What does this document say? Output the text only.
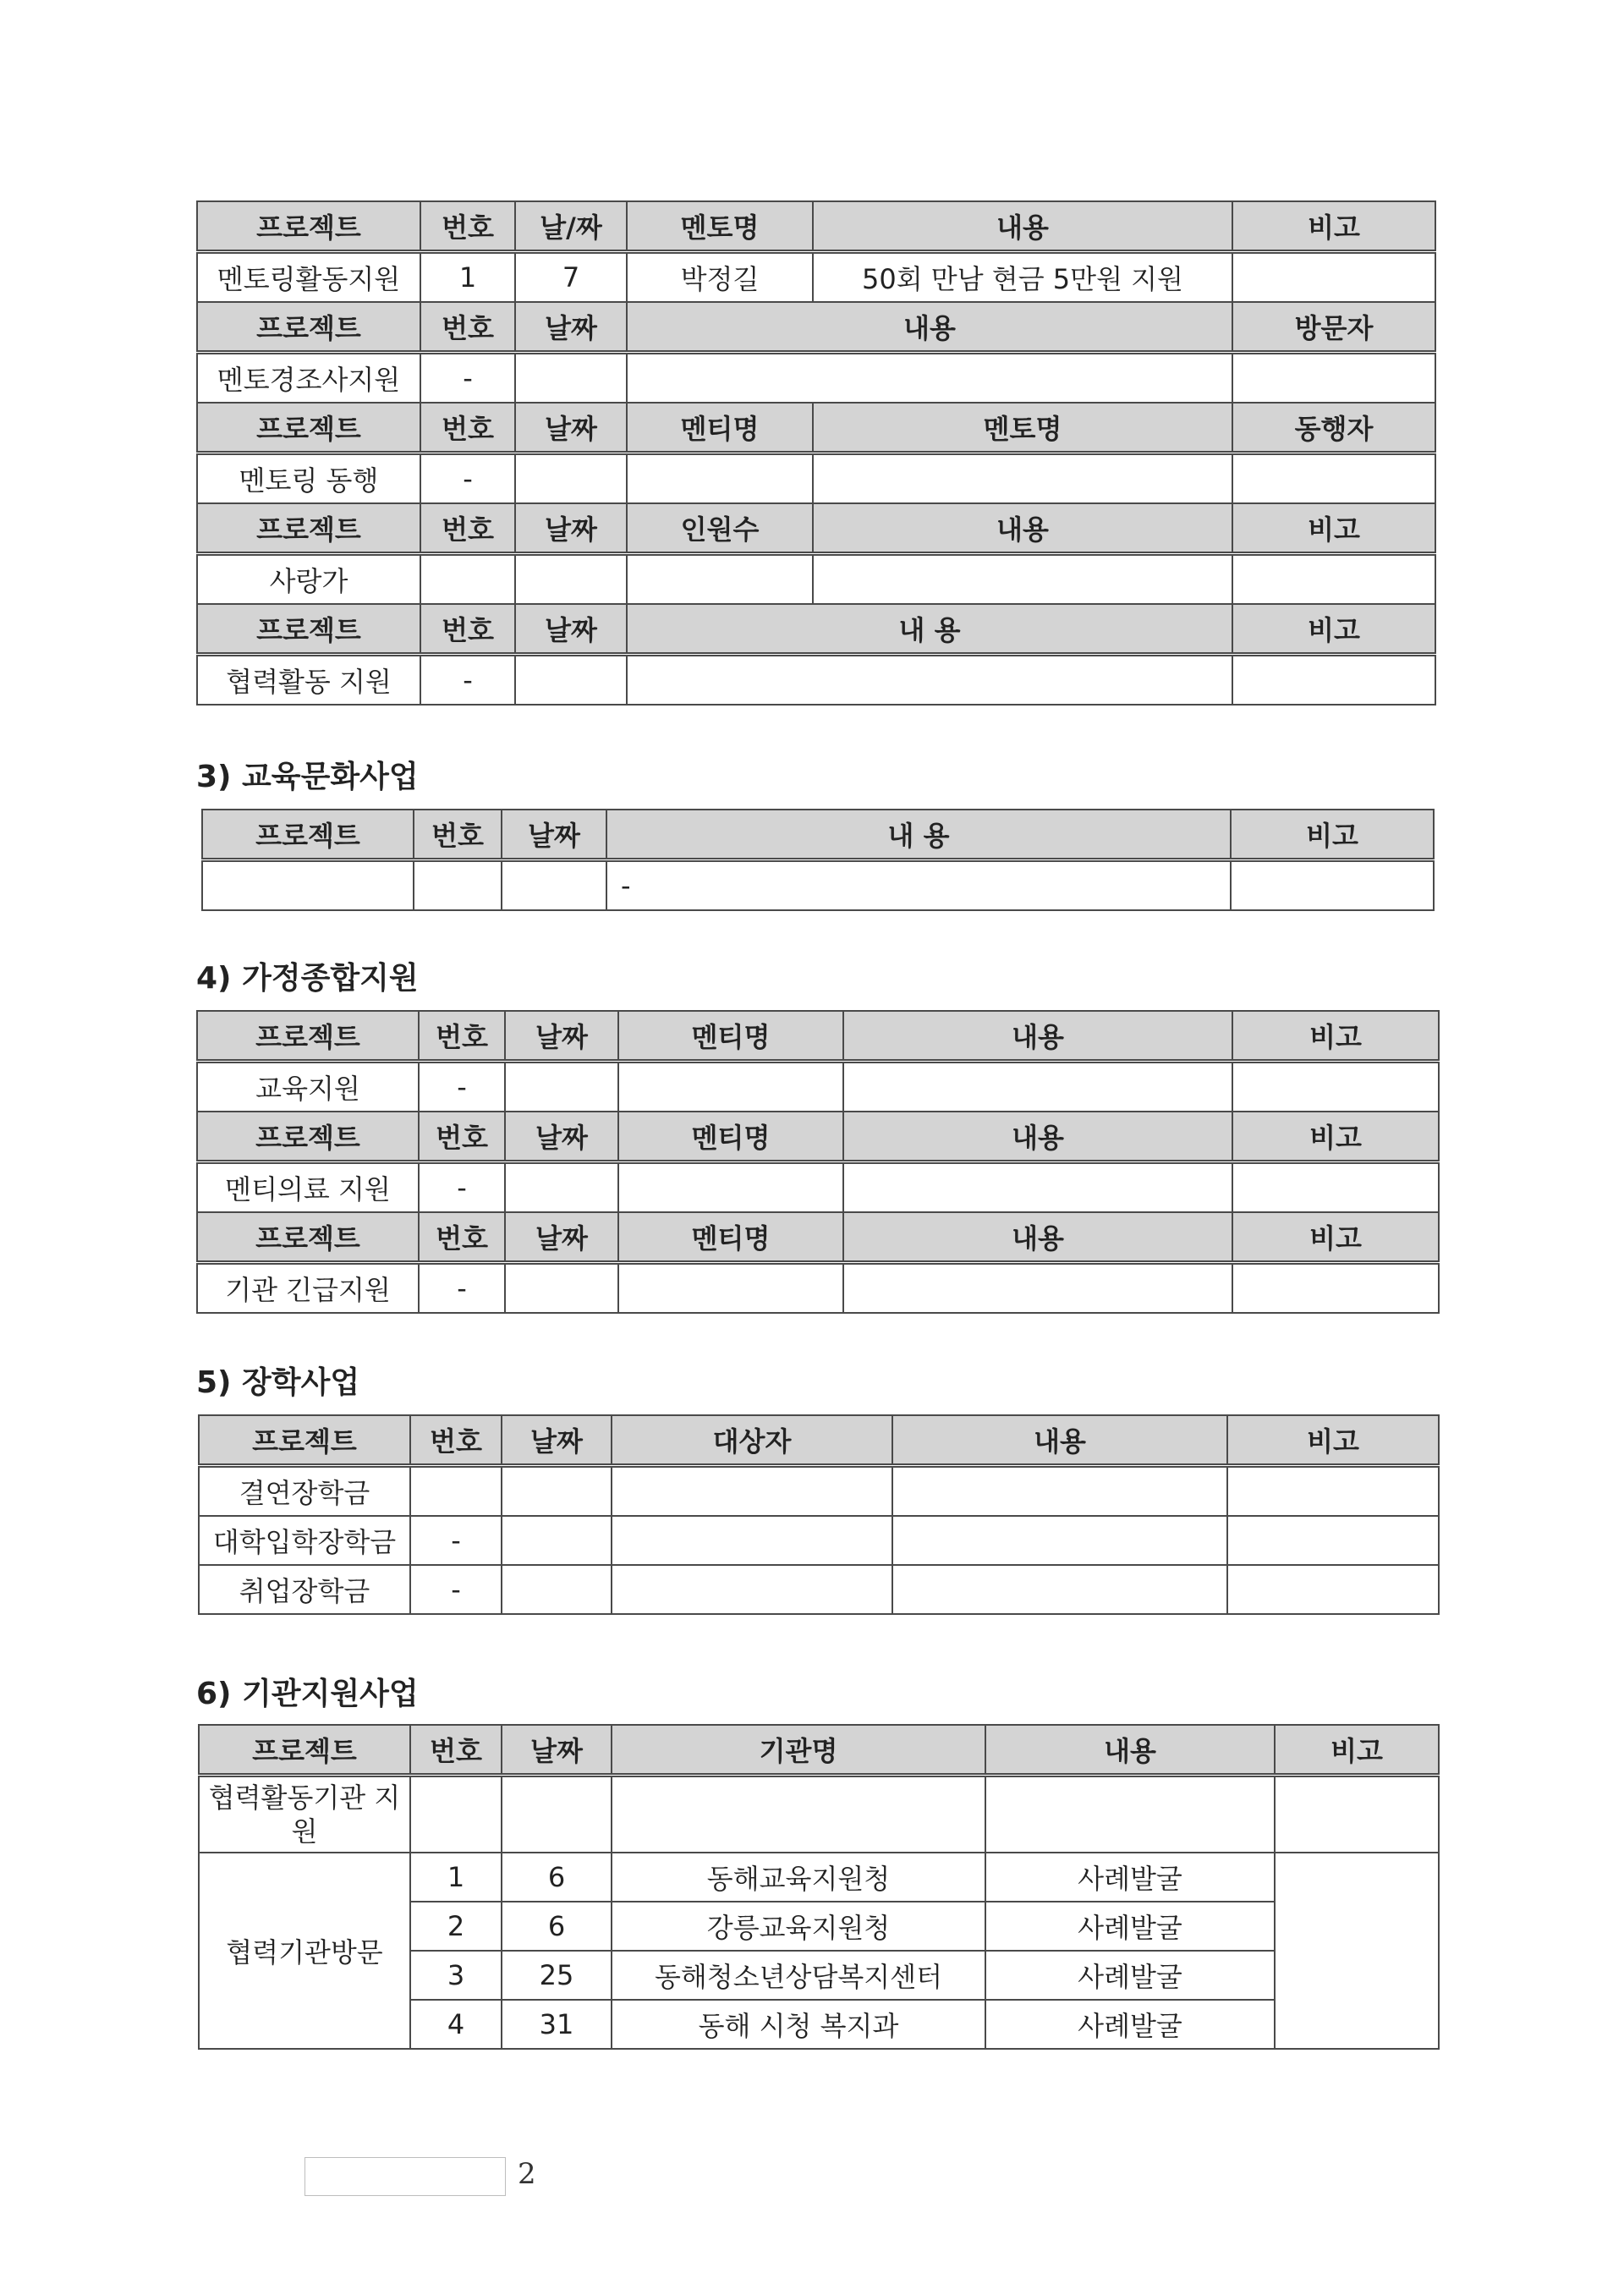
프로젝트	번호	날/짜	멘토명	내용	비고
멘토링활동지원	1	7	박정길	50회 만남 현금 5만원 지원	
프로젝트	번호	날짜	내용		방문자
멘토경조사지원	-				
프로젝트	번호	날짜	멘티명	멘토명	동행자
멘토링 동행	-				
프로젝트	번호	날짜	인원수	내용	비고
사랑가					
프로젝트	번호	날짜	내 용		비고
협력활동 지원	-				
3) 교육문화사업
프로젝트	번호	날짜	내 용	비고
			-	
4) 가정종합지원
프로젝트	번호	날짜	멘티명	내용	비고
교육지원	-				
프로젝트	번호	날짜	멘티명	내용	비고
멘티의료 지원	-				
프로젝트	번호	날짜	멘티명	내용	비고
기관 긴급지원	-				
5) 장학사업
프로젝트	번호	날짜	대상자	내용	비고
결연장학금					
대학입학장학금	-				
취업장학금	-				
6) 기관지원사업
프로젝트	번호	날짜	기관명	내용	비고
협력활동기관 지원					
협력기관방문	1	6	동해교육지원청	사례발굴	
	2	6	강릉교육지원청	사례발굴	
	3	25	동해청소년상담복지센터	사례발굴	
	4	31	동해 시청 복지과	사례발굴	
2
